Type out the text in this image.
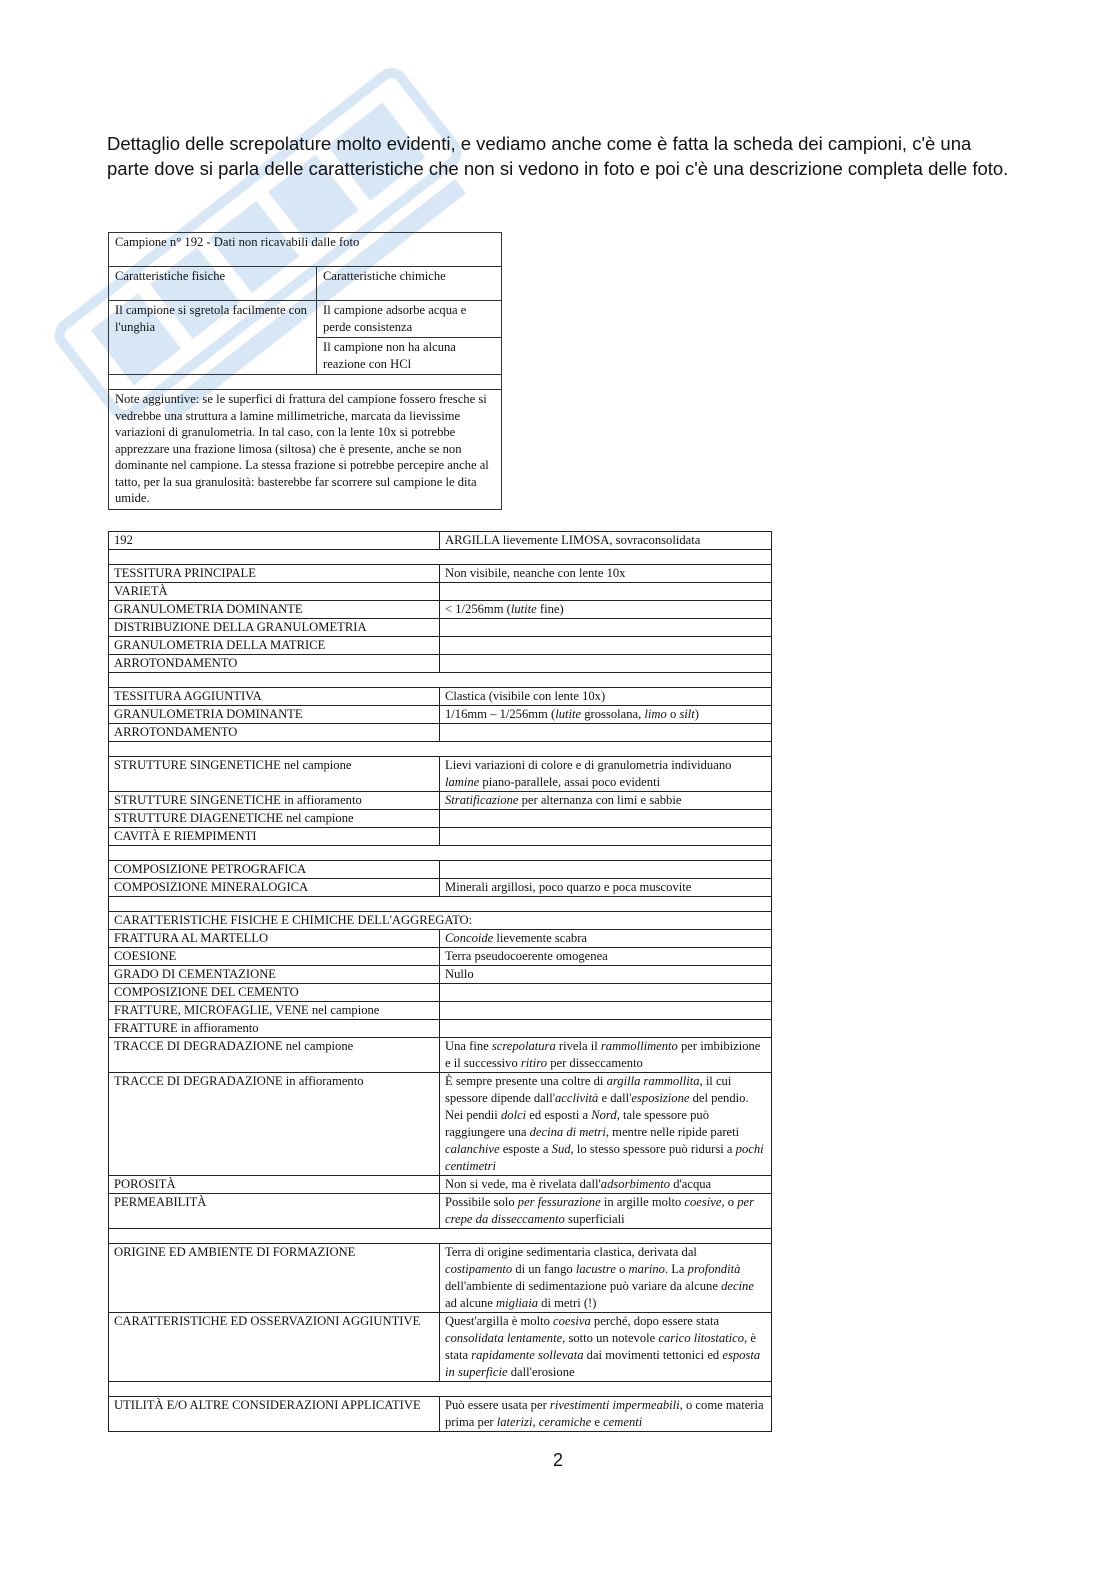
Dettaglio delle screpolature molto evidenti, e vediamo anche come è fatta la scheda dei campioni, c'è una parte dove si parla delle caratteristiche che non si vedono in foto e poi c'è una descrizione completa delle foto.

Campione n° 192 - Dati non ricavabili dalle foto	
Caratteristiche fisiche	Caratteristiche chimiche
Il campione si sgretola facilmente con l'unghia	Il campione adsorbe acqua e perde consistenza
	Il campione non ha alcuna reazione con HCl

Note aggiuntive: se le superfici di frattura del campione fossero fresche si vedrebbe una struttura a lamine millimetriche, marcata da lievissime variazioni di granulometria. In tal caso, con la lente 10x si potrebbe apprezzare una frazione limosa (siltosa) che è presente, anche se non dominante nel campione. La stessa frazione si potrebbe percepire anche al tatto, per la sua granulosità: basterebbe far scorrere sul campione le dita umide.	
192	ARGILLA lievemente LIMOSA, sovraconsolidata

TESSITURA PRINCIPALE	Non visibile, neanche con lente 10x
VARIETÀ	
GRANULOMETRIA DOMINANTE	< 1/256mm (lutite fine)
DISTRIBUZIONE DELLA GRANULOMETRIA	
GRANULOMETRIA DELLA MATRICE	
ARROTONDAMENTO	

TESSITURA AGGIUNTIVA	Clastica (visibile con lente 10x)
GRANULOMETRIA DOMINANTE	1/16mm – 1/256mm (lutite grossolana, limo o silt)
ARROTONDAMENTO	

STRUTTURE SINGENETICHE nel campione	Lievi variazioni di colore e di granulometria individuano lamine piano-parallele, assai poco evidenti
STRUTTURE SINGENETICHE in affioramento	Stratificazione per alternanza con limi e sabbie
STRUTTURE DIAGENETICHE nel campione	
CAVITÀ E RIEMPIMENTI	

COMPOSIZIONE PETROGRAFICA	
COMPOSIZIONE MINERALOGICA	Minerali argillosi, poco quarzo e poca muscovite

CARATTERISTICHE FISICHE E CHIMICHE DELL'AGGREGATO:	
FRATTURA AL MARTELLO	Concoide lievemente scabra
COESIONE	Terra pseudocoerente omogenea
GRADO DI CEMENTAZIONE	Nullo
COMPOSIZIONE DEL CEMENTO	
FRATTURE, MICROFAGLIE, VENE nel campione	
FRATTURE in affioramento	
TRACCE DI DEGRADAZIONE nel campione	Una fine screpolatura rivela il rammollimento per imbibizione e il successivo ritiro per disseccamento
TRACCE DI DEGRADAZIONE in affioramento	È sempre presente una coltre di argilla rammollita, il cui spessore dipende dall'acclività e dall'esposizione del pendio. Nei pendii dolci ed esposti a Nord, tale spessore può raggiungere una decina di metri, mentre nelle ripide pareti calanchive esposte a Sud, lo stesso spessore può ridursi a pochi centimetri
POROSITÀ	Non si vede, ma è rivelata dall'adsorbimento d'acqua
PERMEABILITÀ	Possibile solo per fessurazione in argille molto coesive, o per crepe da disseccamento superficiali

ORIGINE ED AMBIENTE DI FORMAZIONE	Terra di origine sedimentaria clastica, derivata dal costipamento di un fango lacustre o marino. La profondità dell'ambiente di sedimentazione può variare da alcune decine ad alcune migliaia di metri (!)
CARATTERISTICHE ED OSSERVAZIONI AGGIUNTIVE	Quest'argilla è molto coesiva perché, dopo essere stata consolidata lentamente, sotto un notevole carico litostatico, è stata rapidamente sollevata dai movimenti tettonici ed esposta in superficie dall'erosione

UTILITÀ E/O ALTRE CONSIDERAZIONI APPLICATIVE	Può essere usata per rivestimenti impermeabili, o come materia prima per laterizi, ceramiche e cementi
2
